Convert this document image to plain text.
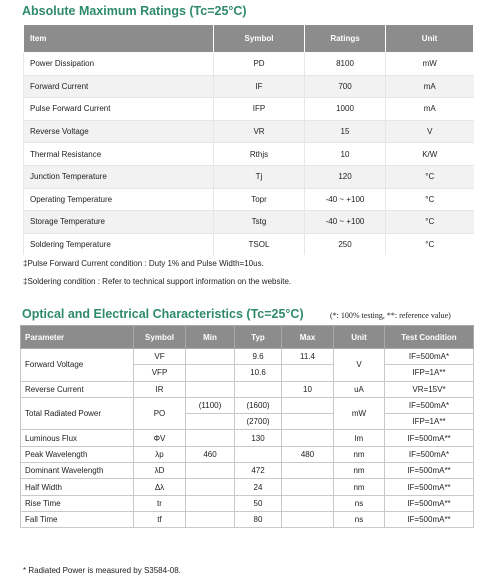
Absolute Maximum Ratings (Tc=25°C)
Item	Symbol	Ratings	Unit
Power Dissipation	PD	8100	mW
Forward Current	IF	700	mA
Pulse Forward Current	IFP	1000	mA
Reverse Voltage	VR	15	V
Thermal Resistance	Rthjs	10	K/W
Junction Temperature	Tj	120	°C
Operating Temperature	Topr	-40 ~ +100	°C
Storage Temperature	Tstg	-40 ~ +100	°C
Soldering Temperature	TSOL	250	°C
‡Pulse Forward Current condition : Duty 1% and Pulse Width=10us.
‡Soldering condition : Refer to technical support information on the website.
Optical and Electrical Characteristics (Tc=25°C)	(*: 100% testing, **: reference value)
Parameter	Symbol	Min	Typ	Max	Unit	Test Condition
Forward Voltage	VF		9.6	11.4	V	IF=500mA*
	VFP		10.6			IFP=1A**
Reverse Current	IR			10	uA	VR=15V*
Total Radiated Power	PO	(1100)	(1600)		mW	IF=500mA*
			(2700)			IFP=1A**
Luminous Flux	ΦV		130		lm	IF=500mA**
Peak Wavelength	λp	460		480	nm	IF=500mA*
Dominant Wavelength	λD		472		nm	IF=500mA**
Half Width	Δλ		24		nm	IF=500mA**
Rise Time	tr		50		ns	IF=500mA**
Fall Time	tf		80		ns	IF=500mA**
* Radiated Power is measured by S3584-08.
